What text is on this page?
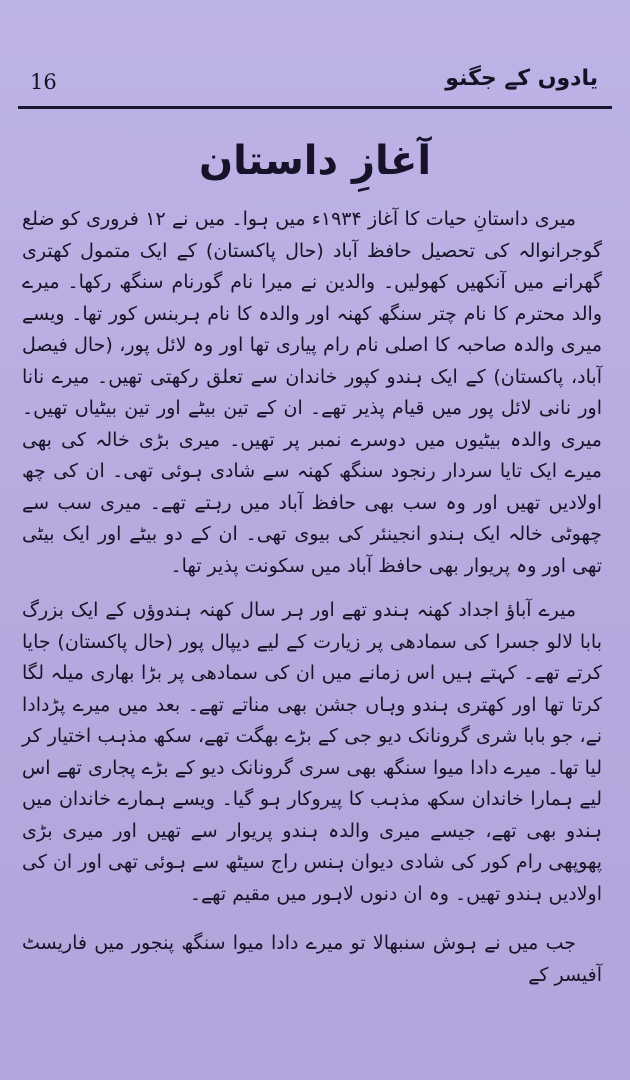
16	یادوں کے جگنو
آغازِ داستان

میری داستانِ حیات کا آغاز ۱۹۳۴ء میں ہوا۔ میں نے ۱۲ فروری کو ضلع گوجرانوالہ کی تحصیل حافظ آباد (حال پاکستان) کے ایک متمول کھتری گھرانے میں آنکھیں کھولیں۔ والدین نے میرا نام گورنام سنگھ رکھا۔ میرے والد محترم کا نام چتر سنگھ کھنہ اور والدہ کا نام ہربنس کور تھا۔ ویسے میری والدہ صاحبہ کا اصلی نام رام پیاری تھا اور وہ لائل پور، (حال فیصل آباد، پاکستان) کے ایک ہندو کپور خاندان سے تعلق رکھتی تھیں۔ میرے نانا اور نانی لائل پور میں قیام پذیر تھے۔ ان کے تین بیٹے اور تین بیٹیاں تھیں۔ میری والدہ بیٹیوں میں دوسرے نمبر پر تھیں۔ میری بڑی خالہ کی بھی میرے ایک تایا سردار رنجود سنگھ کھنہ سے شادی ہوئی تھی۔ ان کی چھ اولادیں تھیں اور وہ سب بھی حافظ آباد میں رہتے تھے۔ میری سب سے چھوٹی خالہ ایک ہندو انجینئر کی بیوی تھی۔ ان کے دو بیٹے اور ایک بیٹی تھی اور وہ پریوار بھی حافظ آباد میں سکونت پذیر تھا۔

میرے آباؤ اجداد کھنہ ہندو تھے اور ہر سال کھنہ ہندوؤں کے ایک بزرگ بابا لالو جسرا کی سمادھی پر زیارت کے لیے دیپال پور (حال پاکستان) جایا کرتے تھے۔ کہتے ہیں اس زمانے میں ان کی سمادھی پر بڑا بھاری میلہ لگا کرتا تھا اور کھتری ہندو وہاں جشن بھی مناتے تھے۔ بعد میں میرے پڑدادا نے، جو بابا شری گرونانک دیو جی کے بڑے بھگت تھے، سکھ مذہب اختیار کر لیا تھا۔ میرے دادا میوا سنگھ بھی سری گرونانک دیو کے بڑے پجاری تھے اس لیے ہمارا خاندان سکھ مذہب کا پیروکار ہو گیا۔ ویسے ہمارے خاندان میں ہندو بھی تھے، جیسے میری والدہ ہندو پریوار سے تھیں اور میری بڑی پھوپھی رام کور کی شادی دیوان ہنس راج سیٹھ سے ہوئی تھی اور ان کی اولادیں ہندو تھیں۔ وہ ان دنوں لاہور میں مقیم تھے۔

جب میں نے ہوش سنبھالا تو میرے دادا میوا سنگھ پنجور میں فاریسٹ آفیسر کے
